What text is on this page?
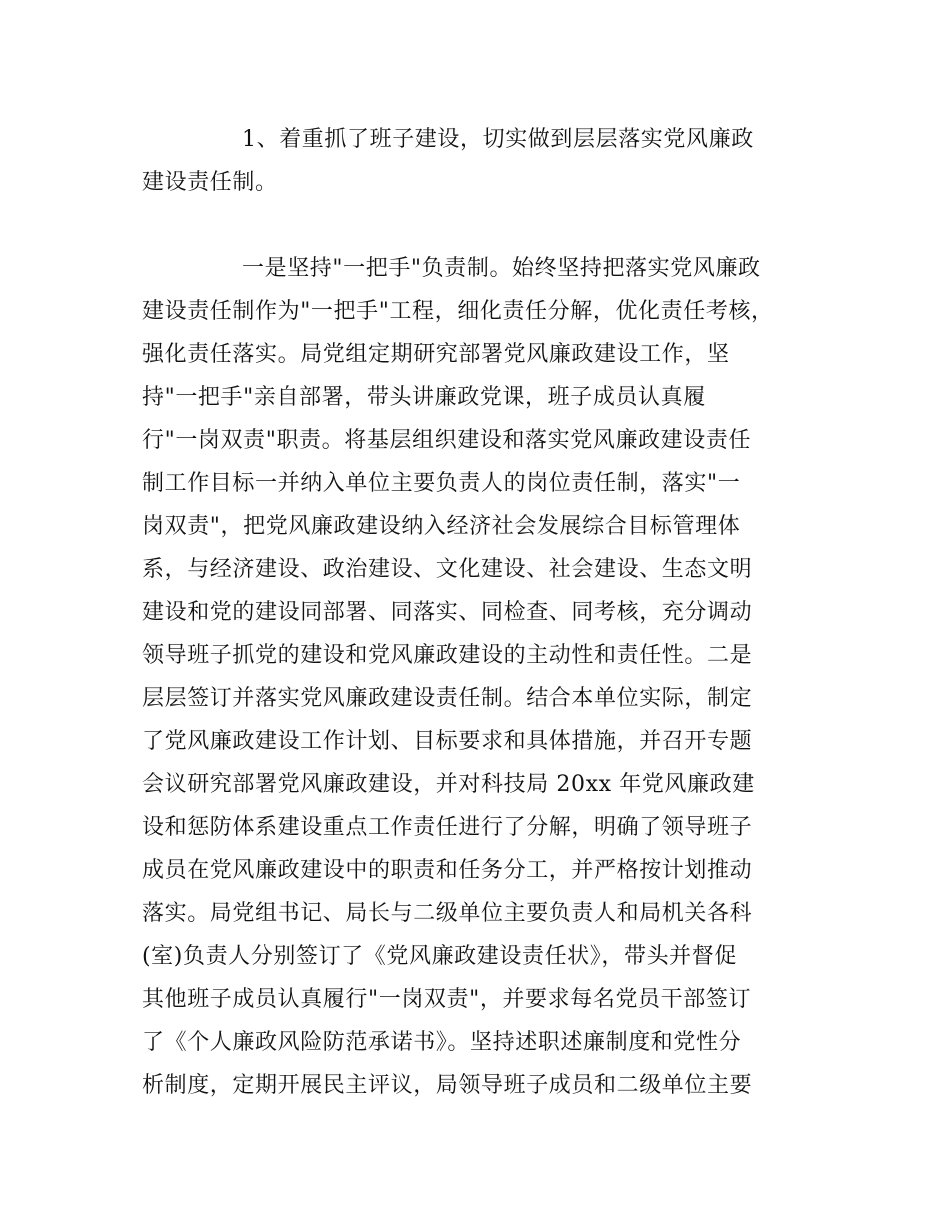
1、着重抓了班子建设，切实做到层层落实党风廉政
建设责任制。
一是坚持"一把手"负责制。始终坚持把落实党风廉政
建设责任制作为"一把手"工程，细化责任分解，优化责任考核，
强化责任落实。局党组定期研究部署党风廉政建设工作，坚
持"一把手"亲自部署，带头讲廉政党课，班子成员认真履
行"一岗双责"职责。将基层组织建设和落实党风廉政建设责任
制工作目标一并纳入单位主要负责人的岗位责任制，落实"一
岗双责"，把党风廉政建设纳入经济社会发展综合目标管理体
系，与经济建设、政治建设、文化建设、社会建设、生态文明
建设和党的建设同部署、同落实、同检查、同考核，充分调动
领导班子抓党的建设和党风廉政建设的主动性和责任性。二是
层层签订并落实党风廉政建设责任制。结合本单位实际，制定
了党风廉政建设工作计划、目标要求和具体措施，并召开专题
会议研究部署党风廉政建设，并对科技局 20xx 年党风廉政建
设和惩防体系建设重点工作责任进行了分解，明确了领导班子
成员在党风廉政建设中的职责和任务分工，并严格按计划推动
落实。局党组书记、局长与二级单位主要负责人和局机关各科
(室)负责人分别签订了《党风廉政建设责任状》，带头并督促
其他班子成员认真履行"一岗双责"，并要求每名党员干部签订
了《个人廉政风险防范承诺书》。坚持述职述廉制度和党性分
析制度，定期开展民主评议，局领导班子成员和二级单位主要
